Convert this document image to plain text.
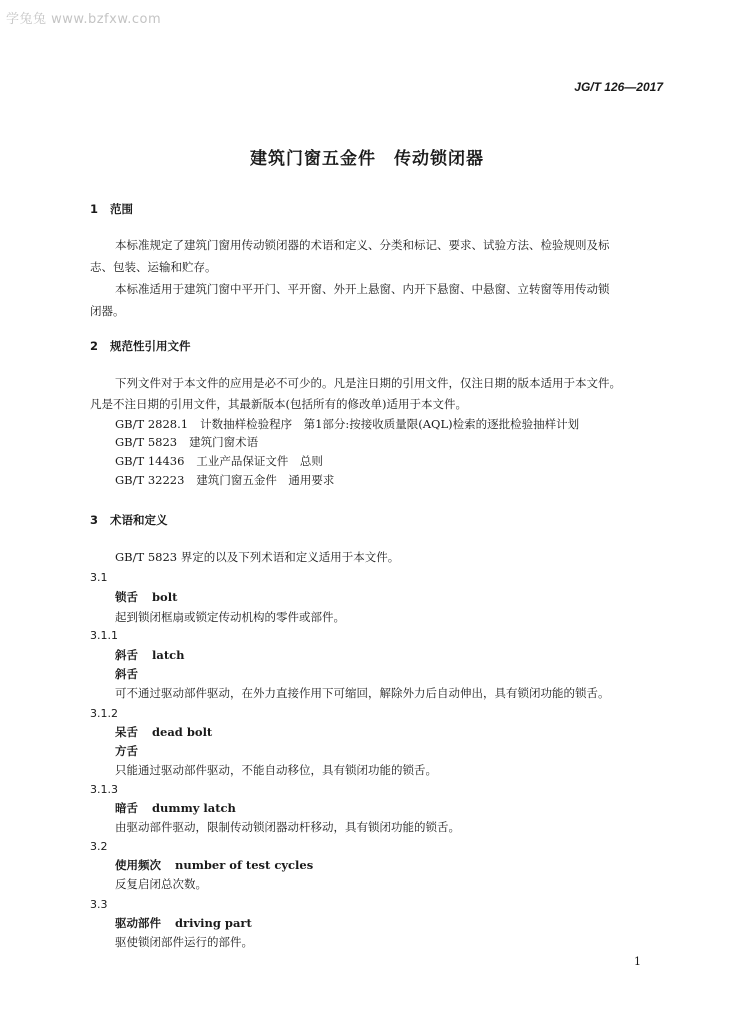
学兔兔 www.bzfxw.com
JG/T 126—2017
建筑门窗五金件　传动锁闭器
1 范围
本标准规定了建筑门窗用传动锁闭器的术语和定义、分类和标记、要求、试验方法、检验规则及标
志、包装、运输和贮存。
本标准适用于建筑门窗中平开门、平开窗、外开上悬窗、内开下悬窗、中悬窗、立转窗等用传动锁
闭器。
2 规范性引用文件
下列文件对于本文件的应用是必不可少的。凡是注日期的引用文件，仅注日期的版本适用于本文件。
凡是不注日期的引用文件，其最新版本(包括所有的修改单)适用于本文件。
GB/T 2828.1 计数抽样检验程序　第1部分:按接收质量限(AQL)检索的逐批检验抽样计划
GB/T 5823 建筑门窗术语
GB/T 14436 工业产品保证文件　总则
GB/T 32223 建筑门窗五金件　通用要求
3 术语和定义
GB/T 5823 界定的以及下列术语和定义适用于本文件。
3.1
锁舌 bolt
起到锁闭框扇或锁定传动机构的零件或部件。
3.1.1
斜舌 latch
斜舌
可不通过驱动部件驱动，在外力直接作用下可缩回，解除外力后自动伸出，具有锁闭功能的锁舌。
3.1.2
呆舌 dead bolt
方舌
只能通过驱动部件驱动，不能自动移位，具有锁闭功能的锁舌。
3.1.3
暗舌 dummy latch
由驱动部件驱动，限制传动锁闭器动杆移动，具有锁闭功能的锁舌。
3.2
使用频次 number of test cycles
反复启闭总次数。
3.3
驱动部件 driving part
驱使锁闭部件运行的部件。
1
